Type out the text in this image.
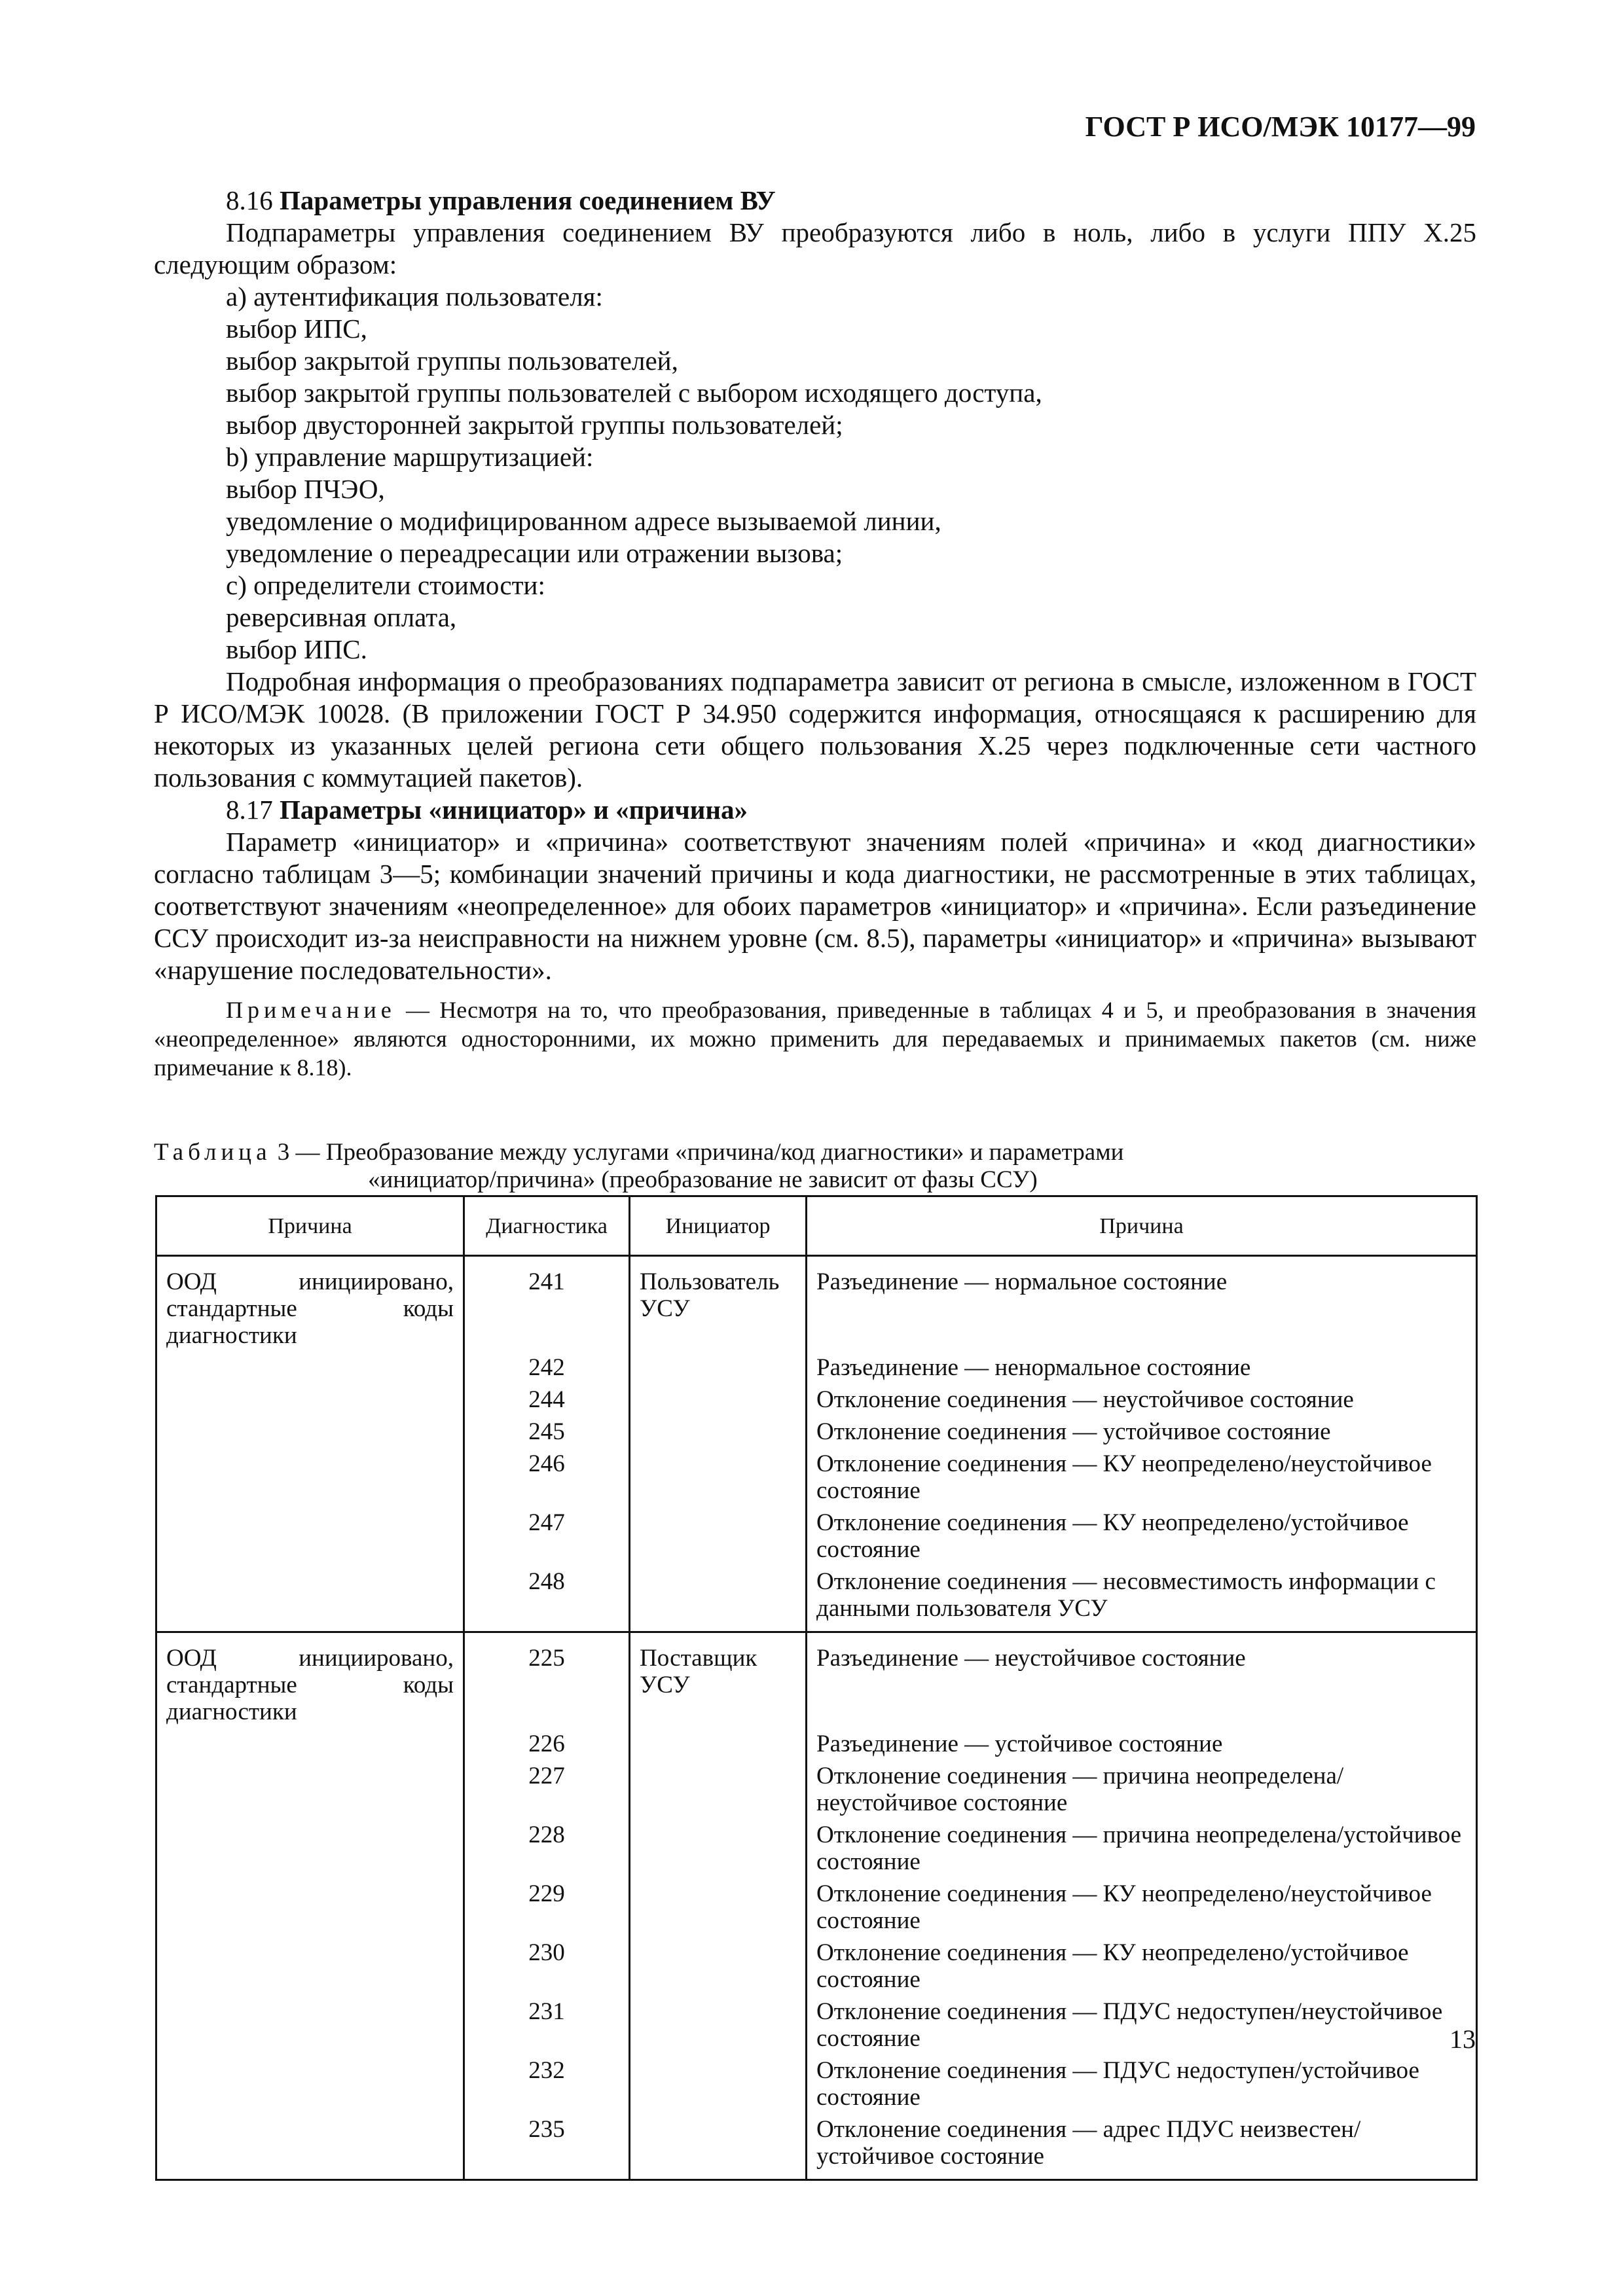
ГОСТ Р ИСО/МЭК 10177—99

8.16 Параметры управления соединением ВУ

Подпараметры управления соединением ВУ преобразуются либо в ноль, либо в услуги ППУ X.25 следующим образом:

a) аутентификация пользователя:

выбор ИПС,

выбор закрытой группы пользователей,

выбор закрытой группы пользователей с выбором исходящего доступа,

выбор двусторонней закрытой группы пользователей;

b) управление маршрутизацией:

выбор ПЧЭО,

уведомление о модифицированном адресе вызываемой линии,

уведомление о переадресации или отражении вызова;

c) определители стоимости:

реверсивная оплата,

выбор ИПС.

Подробная информация о преобразованиях подпараметра зависит от региона в смысле, изложенном в ГОСТ Р ИСО/МЭК 10028. (В приложении ГОСТ Р 34.950 содержится информация, относящаяся к расширению для некоторых из указанных целей региона сети общего пользования X.25 через подключенные сети частного пользования с коммутацией пакетов).

8.17 Параметры «инициатор» и «причина»

Параметр «инициатор» и «причина» соответствуют значениям полей «причина» и «код диагностики» согласно таблицам 3—5; комбинации значений причины и кода диагностики, не рассмотренные в этих таблицах, соответствуют значениям «неопределенное» для обоих параметров «инициатор» и «причина». Если разъединение ССУ происходит из-за неисправности на нижнем уровне (см. 8.5), параметры «инициатор» и «причина» вызывают «нарушение последовательности».

Примечание — Несмотря на то, что преобразования, приведенные в таблицах 4 и 5, и преобразования в значения «неопределенное» являются односторонними, их можно применить для передаваемых и принимаемых пакетов (см. ниже примечание к 8.18).

Таблица 3 — Преобразование между услугами «причина/код диагностики» и параметрами
«инициатор/причина» (преобразование не зависит от фазы ССУ)
Причина	Диагностика	Инициатор	Причина
ООД инициировано, стандартные коды диагностики	241	Пользователь УСУ	Разъединение — нормальное состояние
	242		Разъединение — ненормальное состояние
	244		Отклонение соединения — неустойчивое состояние
	245		Отклонение соединения — устойчивое состояние
	246		Отклонение соединения — КУ неопределено/неустойчивое состояние
	247		Отклонение соединения — КУ неопределено/устойчивое состояние
	248		Отклонение соединения — несовместимость информации с данными пользователя УСУ
ООД инициировано, стандартные коды диагностики	225	Поставщик УСУ	Разъединение — неустойчивое состояние
	226		Разъединение — устойчивое состояние
	227		Отклонение соединения — причина неопределена/неустойчивое состояние
	228		Отклонение соединения — причина неопределена/устойчивое состояние
	229		Отклонение соединения — КУ неопределено/неустойчивое состояние
	230		Отклонение соединения — КУ неопределено/устойчивое состояние
	231		Отклонение соединения — ПДУС недоступен/неустойчивое состояние
	232		Отклонение соединения — ПДУС недоступен/устойчивое состояние
	235		Отклонение соединения — адрес ПДУС неизвестен/устойчивое состояние
13
